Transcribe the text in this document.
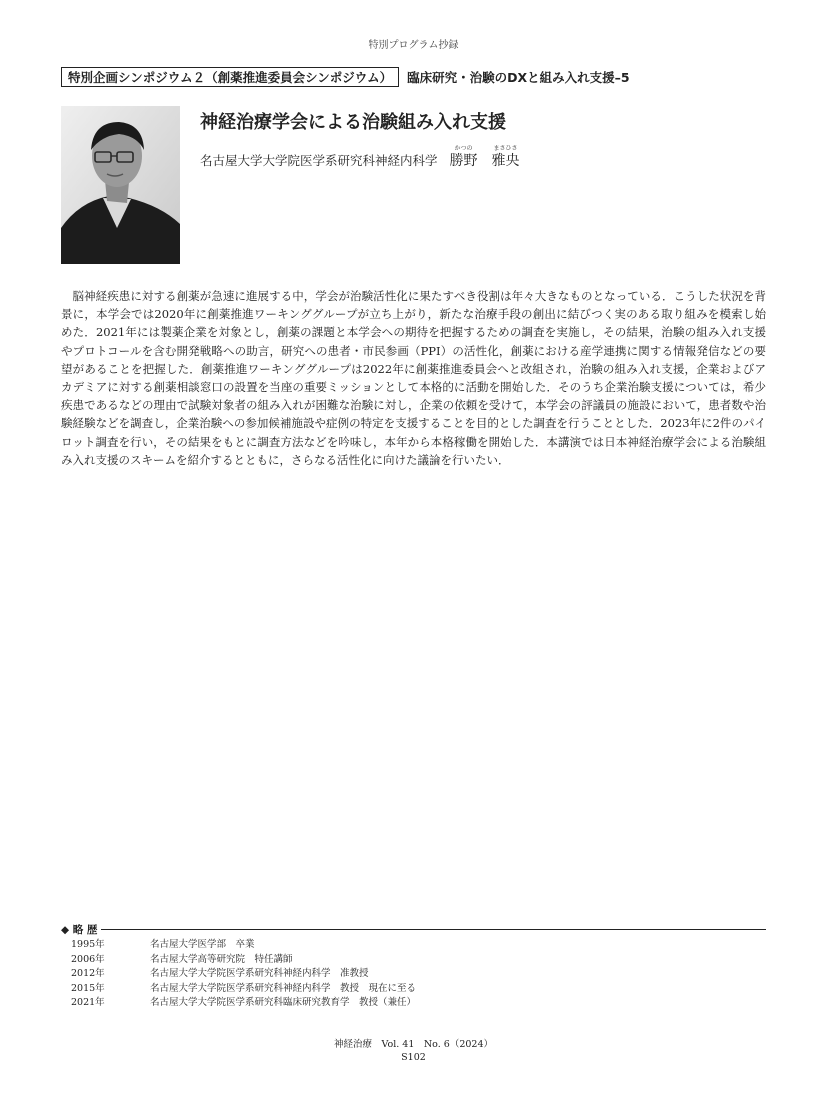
特別プログラム抄録
特別企画シンポジウム２（創薬推進委員会シンポジウム）	臨床研究・治験のDXと組み入れ支援–5
神経治療学会による治験組み入れ支援
名古屋大学大学院医学系研究科神経内科学
かつの
勝野
まさひさ
雅央

脳神経疾患に対する創薬が急速に進展する中，学会が治験活性化に果たすべき役割は年々大きなものとなっている．こうした状況を背景に，本学会では2020年に創薬推進ワーキンググループが立ち上がり，新たな治療手段の創出に結びつく実のある取り組みを模索し始めた．2021年には製薬企業を対象とし，創薬の課題と本学会への期待を把握するための調査を実施し，その結果，治験の組み入れ支援やプロトコールを含む開発戦略への助言，研究への患者・市民参画（PPI）の活性化，創薬における産学連携に関する情報発信などの要望があることを把握した．創薬推進ワーキンググループは2022年に創薬推進委員会へと改組され，治験の組み入れ支援，企業およびアカデミアに対する創薬相談窓口の設置を当座の重要ミッションとして本格的に活動を開始した．そのうち企業治験支援については，希少疾患であるなどの理由で試験対象者の組み入れが困難な治験に対し，企業の依頼を受けて，本学会の評議員の施設において，患者数や治験経験などを調査し，企業治験への参加候補施設や症例の特定を支援することを目的とした調査を行うこととした．2023年に2件のパイロット調査を行い，その結果をもとに調査方法などを吟味し，本年から本格稼働を開始した．本講演では日本神経治療学会による治験組み入れ支援のスキームを紹介するとともに，さらなる活性化に向けた議論を行いたい．

◆ 略 歴
1995年	名古屋大学医学部　卒業
2006年	名古屋大学高等研究院　特任講師
2012年	名古屋大学大学院医学系研究科神経内科学　准教授
2015年	名古屋大学大学院医学系研究科神経内科学　教授　現在に至る
2021年	名古屋大学大学院医学系研究科臨床研究教育学　教授（兼任）
神経治療　Vol. 41　No. 6（2024）
S102
